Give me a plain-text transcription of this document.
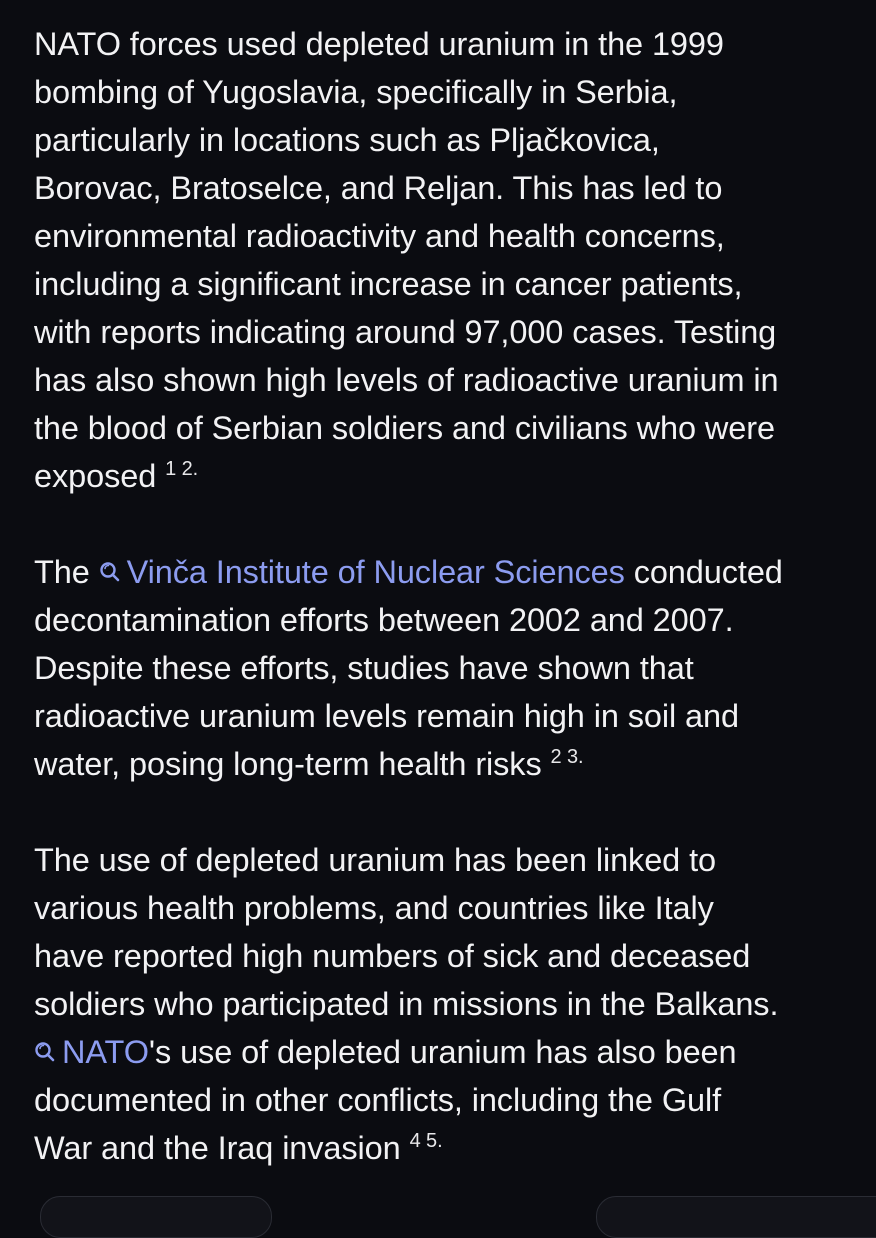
NATO forces used depleted uranium in the 1999
bombing of Yugoslavia, specifically in Serbia,
particularly in locations such as Pljačkovica,
Borovac, Bratoselce, and Reljan. This has led to
environmental radioactivity and health concerns,
including a significant increase in cancer patients,
with reports indicating around 97,000 cases. Testing
has also shown high levels of radioactive uranium in
the blood of Serbian soldiers and civilians who were
exposed $^{1 2.}$

The Vinča Institute of Nuclear Sciences conducted
decontamination efforts between 2002 and 2007.
Despite these efforts, studies have shown that
radioactive uranium levels remain high in soil and
water, posing long-term health risks $^{2 3.}$

The use of depleted uranium has been linked to
various health problems, and countries like Italy
have reported high numbers of sick and deceased
soldiers who participated in missions in the Balkans.
NATO's use of depleted uranium has also been
documented in other conflicts, including the Gulf
War and the Iraq invasion $^{4 5.}$
